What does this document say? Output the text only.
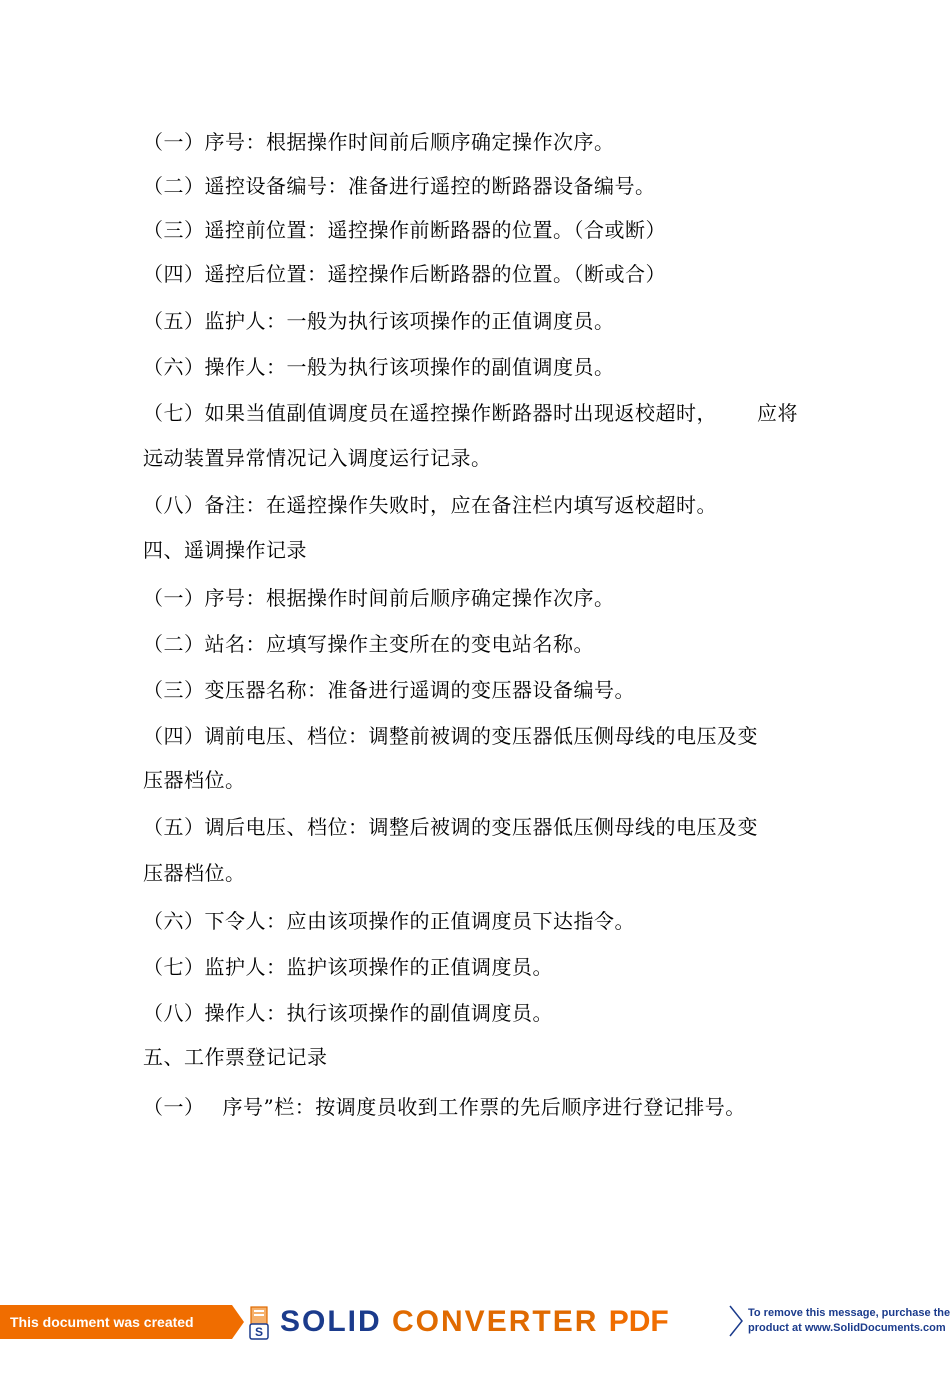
（一）序号：根据操作时间前后顺序确定操作次序。
（二）遥控设备编号：准备进行遥控的断路器设备编号。
（三）遥控前位置：遥控操作前断路器的位置。（合或断）
（四）遥控后位置：遥控操作后断路器的位置。（断或合）
（五）监护人：一般为执行该项操作的正值调度员。
（六）操作人：一般为执行该项操作的副值调度员。
（七）如果当值副值调度员在遥控操作断路器时出现返校超时， 应将
远动装置异常情况记入调度运行记录。
（八）备注：在遥控操作失败时，应在备注栏内填写返校超时。
四、遥调操作记录
（一）序号：根据操作时间前后顺序确定操作次序。
（二）站名：应填写操作主变所在的变电站名称。
（三）变压器名称：准备进行遥调的变压器设备编号。
（四）调前电压、档位：调整前被调的变压器低压侧母线的电压及变
压器档位。
（五）调后电压、档位：调整后被调的变压器低压侧母线的电压及变
压器档位。
（六）下令人：应由该项操作的正值调度员下达指令。
（七）监护人：监护该项操作的正值调度员。
（八）操作人：执行该项操作的副值调度员。
五、工作票登记记录
（一） 序号”栏：按调度员收到工作票的先后顺序进行登记排号。
This document was created using
S SOLID CONVERTER PDF	To remove this message, purchase the
product at www.SolidDocuments.com
